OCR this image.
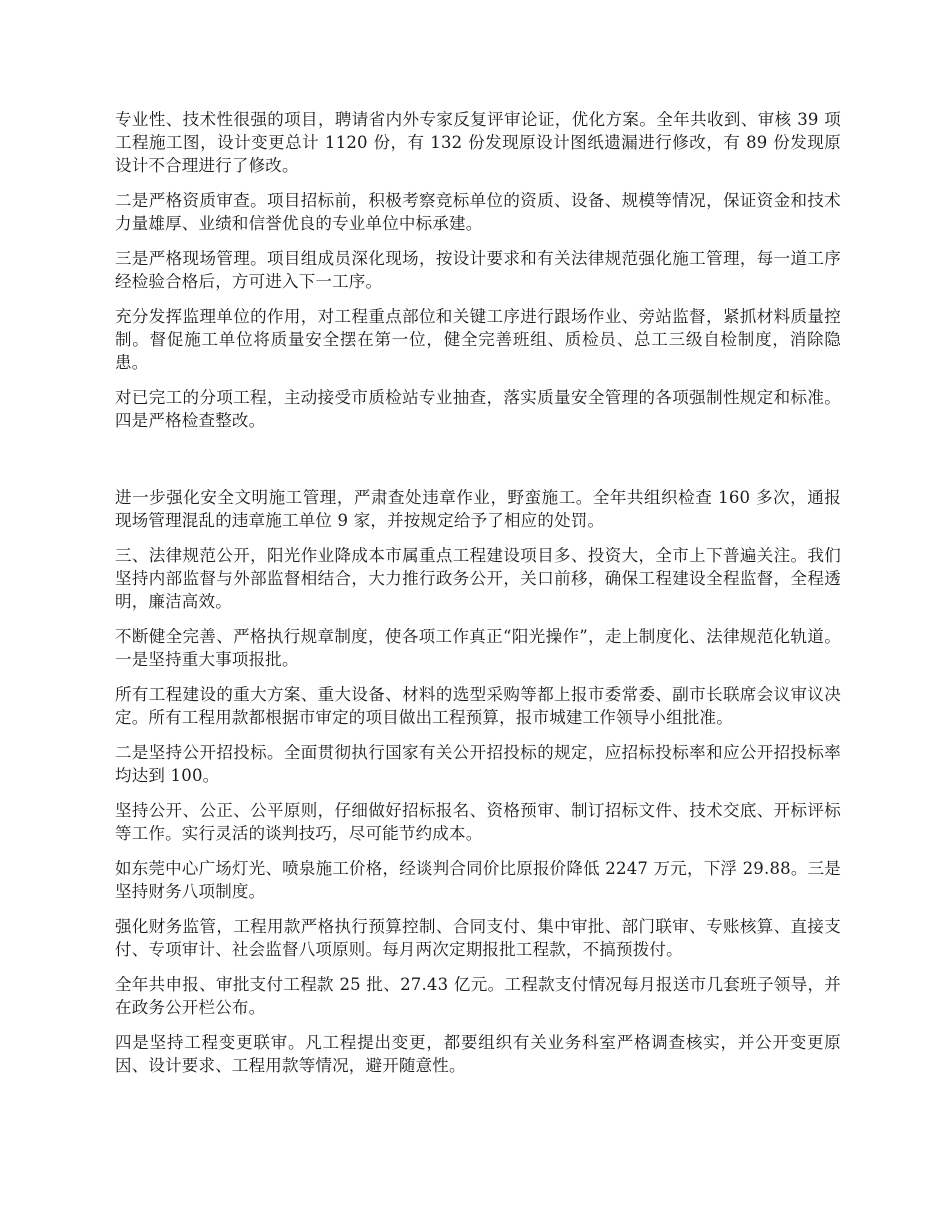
专业性、技术性很强的项目，聘请省内外专家反复评审论证，优化方案。全年共收到、审核 39 项工程施工图，设计变更总计 1120 份，有 132 份发现原设计图纸遗漏进行修改，有 89 份发现原设计不合理进行了修改。

二是严格资质审查。项目招标前，积极考察竞标单位的资质、设备、规模等情况，保证资金和技术力量雄厚、业绩和信誉优良的专业单位中标承建。

三是严格现场管理。项目组成员深化现场，按设计要求和有关法律规范强化施工管理，每一道工序经检验合格后，方可进入下一工序。

充分发挥监理单位的作用，对工程重点部位和关键工序进行跟场作业、旁站监督，紧抓材料质量控制。督促施工单位将质量安全摆在第一位，健全完善班组、质检员、总工三级自检制度，消除隐患。

对已完工的分项工程，主动接受市质检站专业抽查，落实质量安全管理的各项强制性规定和标准。四是严格检查整改。

进一步强化安全文明施工管理，严肃查处违章作业，野蛮施工。全年共组织检查 160 多次，通报现场管理混乱的违章施工单位 9 家，并按规定给予了相应的处罚。

三、法律规范公开，阳光作业降成本市属重点工程建设项目多、投资大，全市上下普遍关注。我们坚持内部监督与外部监督相结合，大力推行政务公开，关口前移，确保工程建设全程监督，全程透明，廉洁高效。

不断健全完善、严格执行规章制度，使各项工作真正“阳光操作”，走上制度化、法律规范化轨道。一是坚持重大事项报批。

所有工程建设的重大方案、重大设备、材料的选型采购等都上报市委常委、副市长联席会议审议决定。所有工程用款都根据市审定的项目做出工程预算，报市城建工作领导小组批准。

二是坚持公开招投标。全面贯彻执行国家有关公开招投标的规定，应招标投标率和应公开招投标率均达到 100。

坚持公开、公正、公平原则，仔细做好招标报名、资格预审、制订招标文件、技术交底、开标评标等工作。实行灵活的谈判技巧，尽可能节约成本。

如东莞中心广场灯光、喷泉施工价格，经谈判合同价比原报价降低 2247 万元，下浮 29.88。三是坚持财务八项制度。

强化财务监管，工程用款严格执行预算控制、合同支付、集中审批、部门联审、专账核算、直接支付、专项审计、社会监督八项原则。每月两次定期报批工程款，不搞预拨付。

全年共申报、审批支付工程款 25 批、27.43 亿元。工程款支付情况每月报送市几套班子领导，并在政务公开栏公布。

四是坚持工程变更联审。凡工程提出变更，都要组织有关业务科室严格调查核实，并公开变更原因、设计要求、工程用款等情况，避开随意性。
